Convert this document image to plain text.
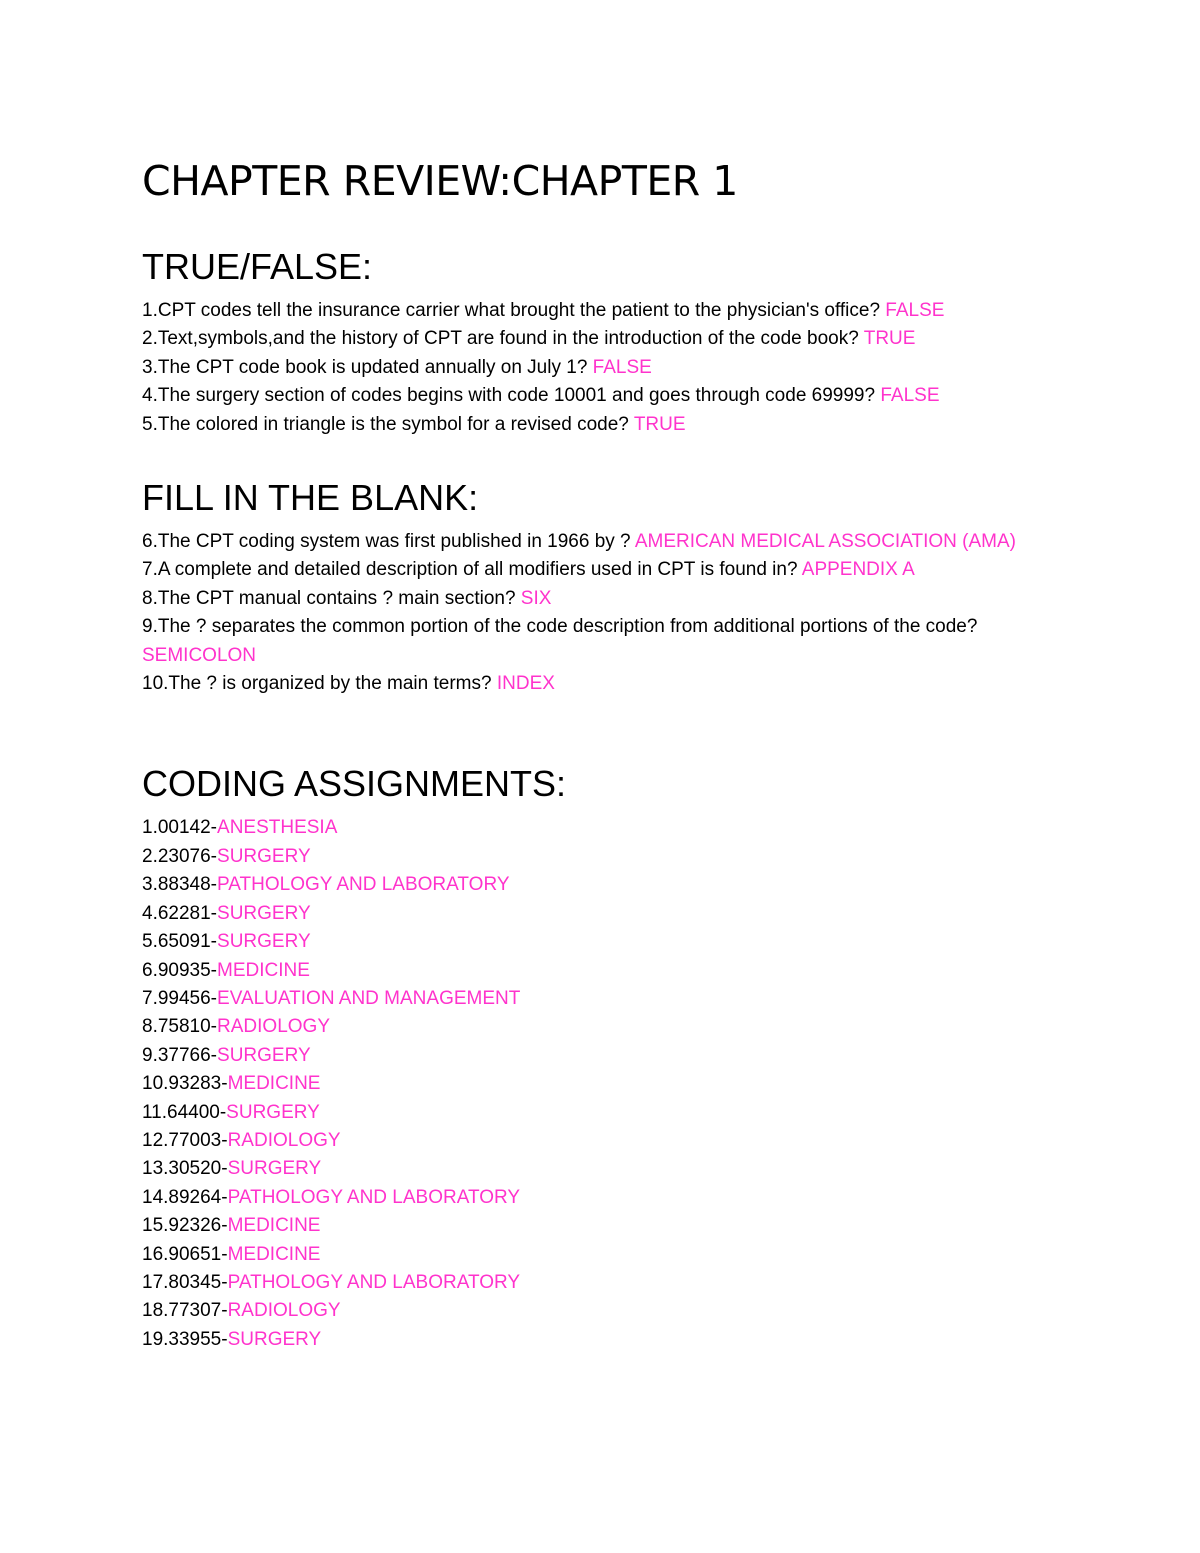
CHAPTER REVIEW:CHAPTER 1
TRUE/FALSE:
1.CPT codes tell the insurance carrier what brought the patient to the physician's office? FALSE
2.Text,symbols,and the history of CPT are found in the introduction of the code book? TRUE
3.The CPT code book is updated annually on July 1? FALSE
4.The surgery section of codes begins with code 10001 and goes through code 69999? FALSE
5.The colored in triangle is the symbol for a revised code? TRUE
FILL IN THE BLANK:
6.The CPT coding system was first published in 1966 by ? AMERICAN MEDICAL ASSOCIATION (AMA)
7.A complete and detailed description of all modifiers used in CPT is found in? APPENDIX A
8.The CPT manual contains ? main section? SIX
9.The ? separates the common portion of the code description from additional portions of the code? SEMICOLON
10.The ? is organized by the main terms? INDEX
CODING ASSIGNMENTS:
1.00142-ANESTHESIA
2.23076-SURGERY
3.88348-PATHOLOGY AND LABORATORY
4.62281-SURGERY
5.65091-SURGERY
6.90935-MEDICINE
7.99456-EVALUATION AND MANAGEMENT
8.75810-RADIOLOGY
9.37766-SURGERY
10.93283-MEDICINE
11.64400-SURGERY
12.77003-RADIOLOGY
13.30520-SURGERY
14.89264-PATHOLOGY AND LABORATORY
15.92326-MEDICINE
16.90651-MEDICINE
17.80345-PATHOLOGY AND LABORATORY
18.77307-RADIOLOGY
19.33955-SURGERY
